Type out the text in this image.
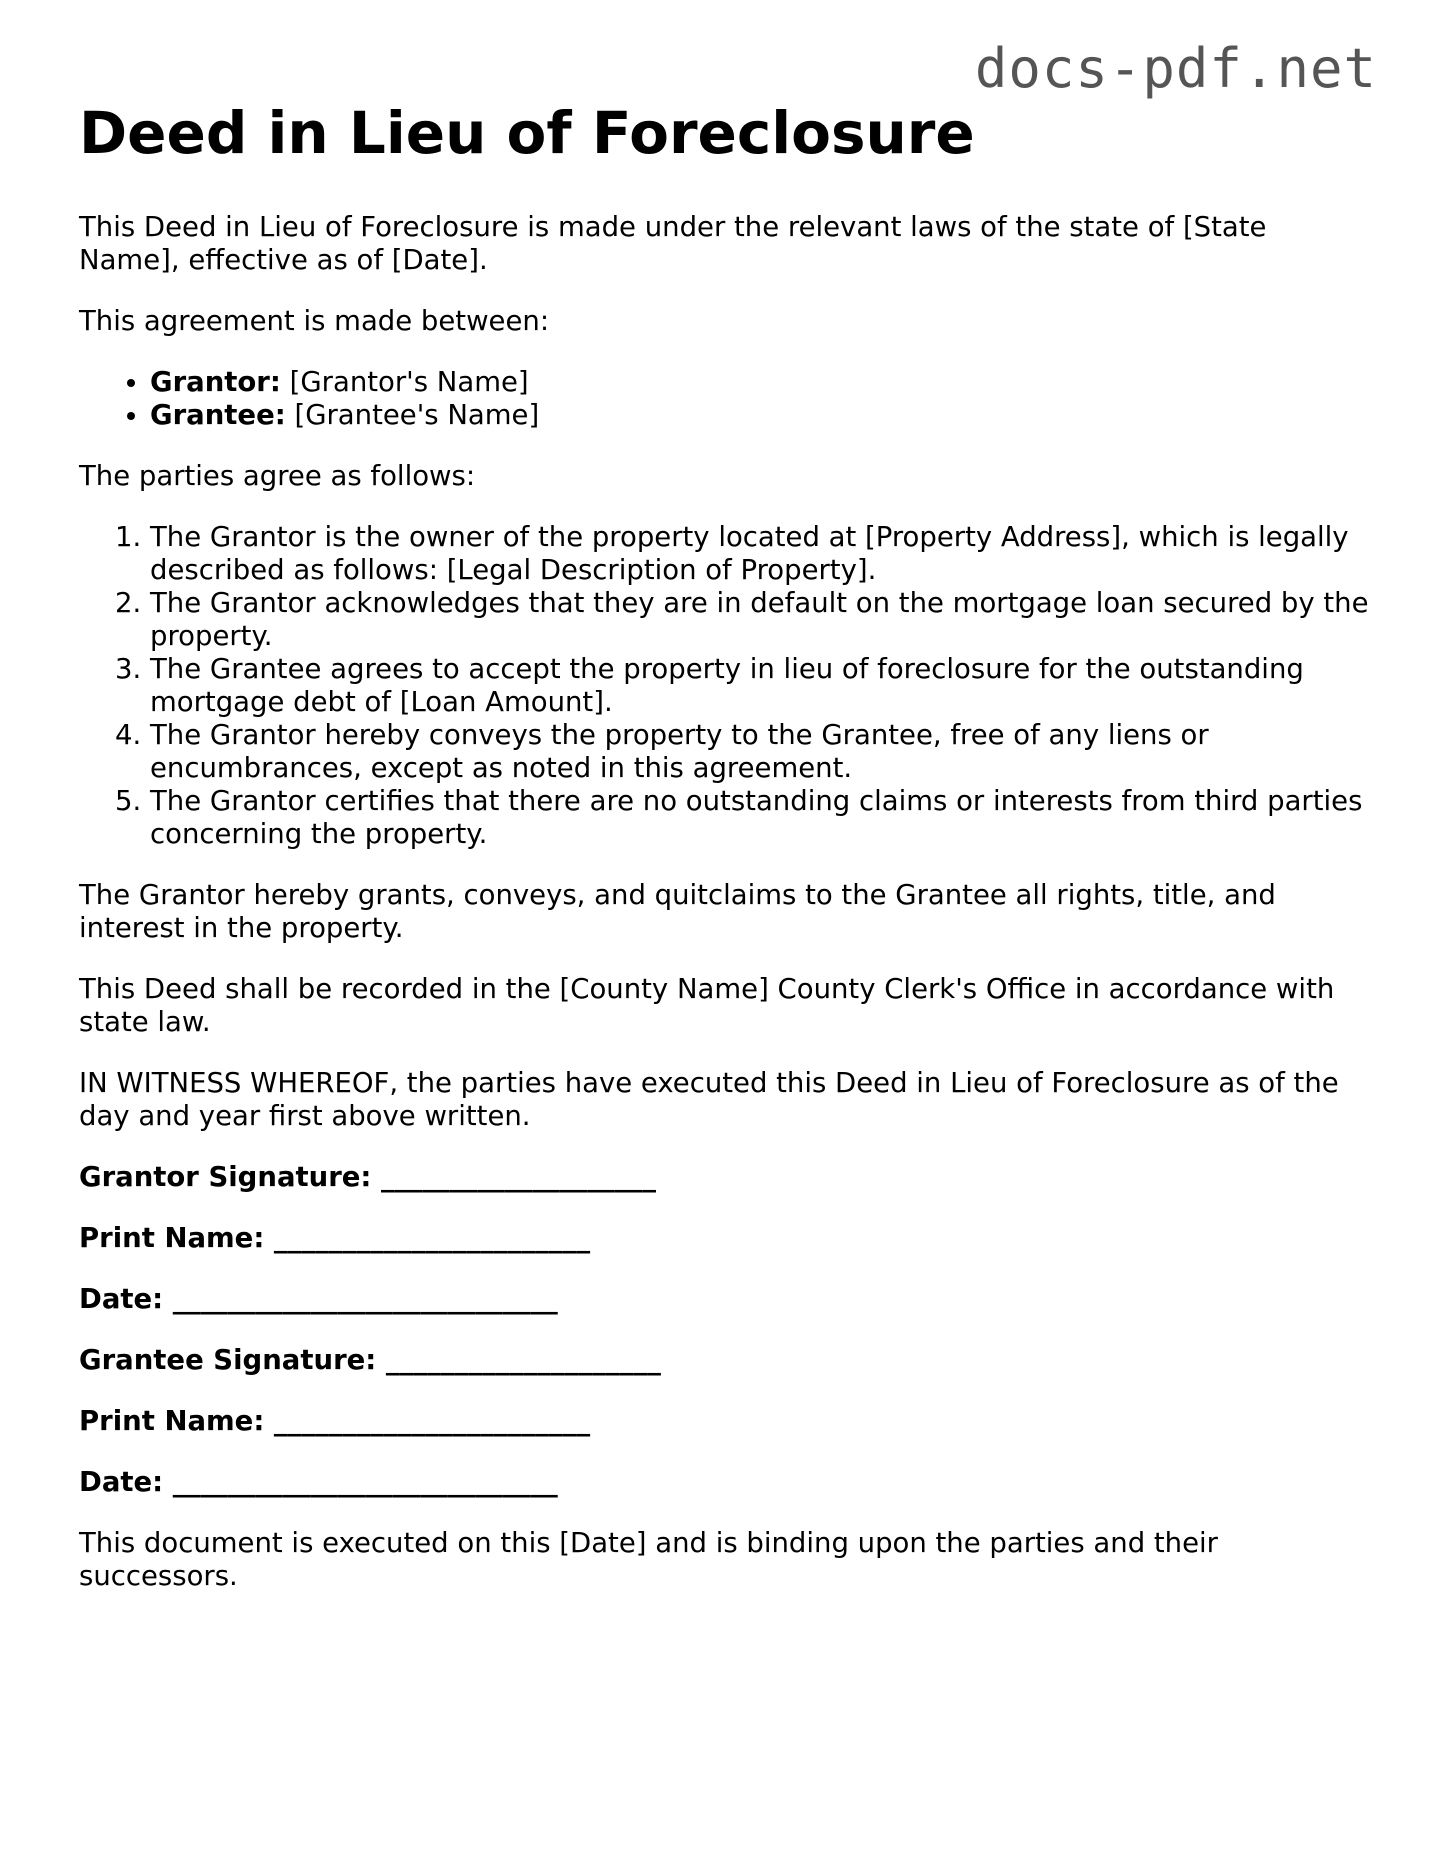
docs-pdf.net
Deed in Lieu of Foreclosure

This Deed in Lieu of Foreclosure is made under the relevant laws of the state of [State Name], effective as of [Date].

This agreement is made between:

• Grantor: [Grantor's Name]
• Grantee: [Grantee's Name]

The parties agree as follows:

1. The Grantor is the owner of the property located at [Property Address], which is legally described as follows: [Legal Description of Property].
2. The Grantor acknowledges that they are in default on the mortgage loan secured by the property.
3. The Grantee agrees to accept the property in lieu of foreclosure for the outstanding mortgage debt of [Loan Amount].
4. The Grantor hereby conveys the property to the Grantee, free of any liens or encumbrances, except as noted in this agreement.
5. The Grantor certifies that there are no outstanding claims or interests from third parties concerning the property.

The Grantor hereby grants, conveys, and quitclaims to the Grantee all rights, title, and interest in the property.

This Deed shall be recorded in the [County Name] County Clerk's Office in accordance with state law.

IN WITNESS WHEREOF, the parties have executed this Deed in Lieu of Foreclosure as of the day and year first above written.

Grantor Signature: ____________________
Print Name: _______________________
Date: ____________________________
Grantee Signature: ____________________
Print Name: _______________________
Date: ____________________________

This document is executed on this [Date] and is binding upon the parties and their successors.
